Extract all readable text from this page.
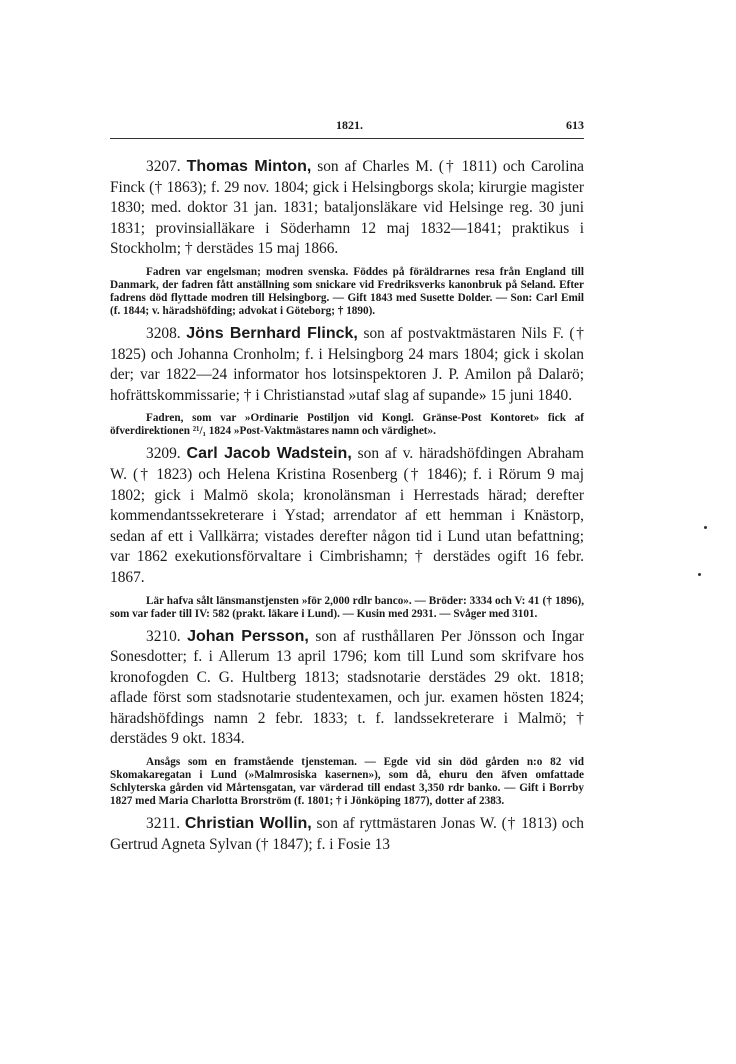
1821.	613

3207. Thomas Minton, son af Charles M. († 1811) och Carolina Finck († 1863); f. 29 nov. 1804; gick i Helsingborgs skola; kirurgie magister 1830; med. doktor 31 jan. 1831; bataljonsläkare vid Helsinge reg. 30 juni 1831; provinsialläkare i Söderhamn 12 maj 1832—1841; praktikus i Stockholm; † derstädes 15 maj 1866.

Fadren var engelsman; modren svenska. Föddes på föräldrarnes resa från England till Danmark, der fadren fått anställning som snickare vid Fredriksverks kanonbruk på Seland. Efter fadrens död flyttade modren till Helsingborg. — Gift 1843 med Susette Dolder. — Son: Carl Emil (f. 1844; v. häradshöfding; advokat i Göteborg; † 1890).

3208. Jöns Bernhard Flinck, son af postvaktmästaren Nils F. († 1825) och Johanna Cronholm; f. i Helsingborg 24 mars 1804; gick i skolan der; var 1822—24 informator hos lotsinspektoren J. P. Amilon på Dalarö; hofrättskommissarie; † i Christianstad »utaf slag af supande» 15 juni 1840.

Fadren, som var »Ordinarie Postiljon vid Kongl. Gränse-Post Kontoret» fick af öfverdirektionen ²¹/₁ 1824 »Post-Vaktmästares namn och värdighet».

3209. Carl Jacob Wadstein, son af v. häradshöfdingen Abraham W. († 1823) och Helena Kristina Rosenberg († 1846); f. i Rörum 9 maj 1802; gick i Malmö skola; kronolänsman i Herrestads härad; derefter kommendantssekreterare i Ystad; arrendator af ett hemman i Knästorp, sedan af ett i Vallkärra; vistades derefter någon tid i Lund utan befattning; var 1862 exekutionsförvaltare i Cimbrishamn; † derstädes ogift 16 febr. 1867.

Lär hafva sålt länsmanstjensten »för 2,000 rdlr banco». — Bröder: 3334 och V: 41 († 1896), som var fader till IV: 582 (prakt. läkare i Lund). — Kusin med 2931. — Svåger med 3101.

3210. Johan Persson, son af rusthållaren Per Jönsson och Ingar Sonesdotter; f. i Allerum 13 april 1796; kom till Lund som skrifvare hos kronofogden C. G. Hultberg 1813; stadsnotarie derstädes 29 okt. 1818; aflade först som stadsnotarie studentexamen, och jur. examen hösten 1824; häradshöfdings namn 2 febr. 1833; t. f. landssekreterare i Malmö; † derstädes 9 okt. 1834.

Ansågs som en framstående tjensteman. — Egde vid sin död gården n:o 82 vid Skomakaregatan i Lund (»Malmrosiska kasernen»), som då, ehuru den äfven omfattade Schlyterska gården vid Mårtensgatan, var värderad till endast 3,350 rdr banko. — Gift i Borrby 1827 med Maria Charlotta Brorström (f. 1801; † i Jönköping 1877), dotter af 2383.

3211. Christian Wollin, son af ryttmästaren Jonas W. († 1813) och Gertrud Agneta Sylvan († 1847); f. i Fosie 13
